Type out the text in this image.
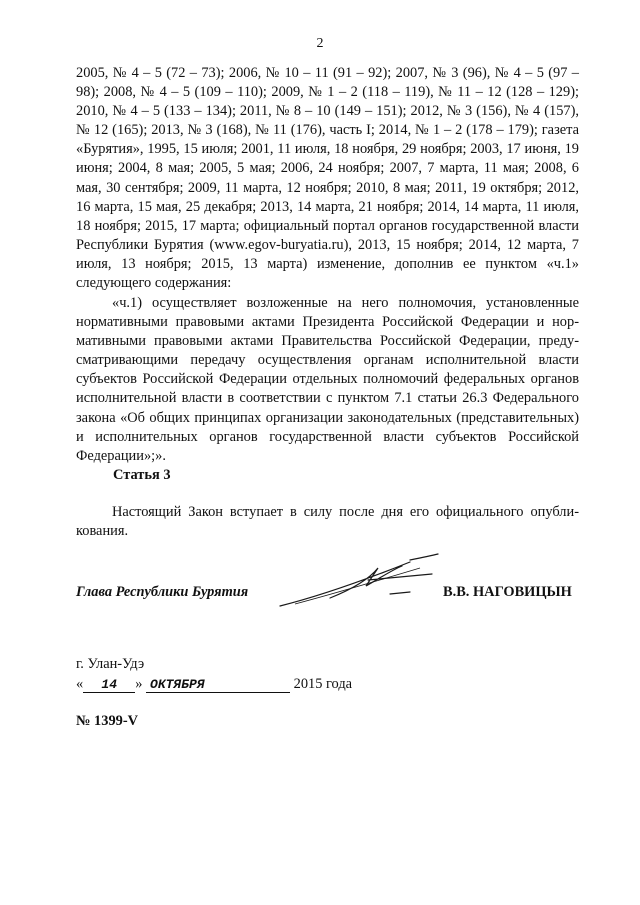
2

2005, № 4 – 5 (72 – 73); 2006, № 10 – 11 (91 – 92); 2007, № 3 (96), № 4 – 5 (97 – 98); 2008, № 4 – 5 (109 – 110); 2009, № 1 – 2 (118 – 119), № 11 – 12 (128 – 129); 2010, № 4 – 5 (133 – 134); 2011, № 8 – 10 (149 – 151); 2012, № 3 (156), № 4 (157), № 12 (165); 2013, № 3 (168), № 11 (176), часть I; 2014, № 1 – 2 (178 – 179); газета «Бурятия», 1995, 15 июля; 2001, 11 июля, 18 ноября, 29 ноября; 2003, 17 июня, 19 июня; 2004, 8 мая; 2005, 5 мая; 2006, 24 ноября; 2007, 7 марта, 11 мая; 2008, 6 мая, 30 сентября; 2009, 11 марта, 12 ноября; 2010, 8 мая; 2011, 19 октября; 2012, 16 марта, 15 мая, 25 декабря; 2013, 14 марта, 21 ноября; 2014, 14 марта, 11 июля, 18 ноября; 2015, 17 марта; официальный портал органов государственной власти Республики Бурятия (www.egov-buryatia.ru), 2013, 15 ноября; 2014, 12 марта, 7 июля, 13 ноября; 2015, 13 марта) изменение, дополнив ее пунктом «ч.1» следующего содержания:

«ч.1) осуществляет возложенные на него полномочия, установленные нормативными правовыми актами Президента Российской Федерации и нормативными правовыми актами Правительства Российской Федерации, предусматривающими передачу осуществления органам исполнительной власти субъектов Российской Федерации отдельных полномочий федеральных органов исполнительной власти в соответствии с пунктом 7.1 статьи 26.3 Федерального закона «Об общих принципах организации законодательных (представительных) и исполнительных органов государственной власти субъектов Российской Федерации»;».

Статья 3

Настоящий Закон вступает в силу после дня его официального опубликования.

Глава Республики Бурятия	В.В. НАГОВИЦЫН
г. Улан-Удэ
« 14 » ОКТЯБРЯ	2015 года
№ 1399-V
